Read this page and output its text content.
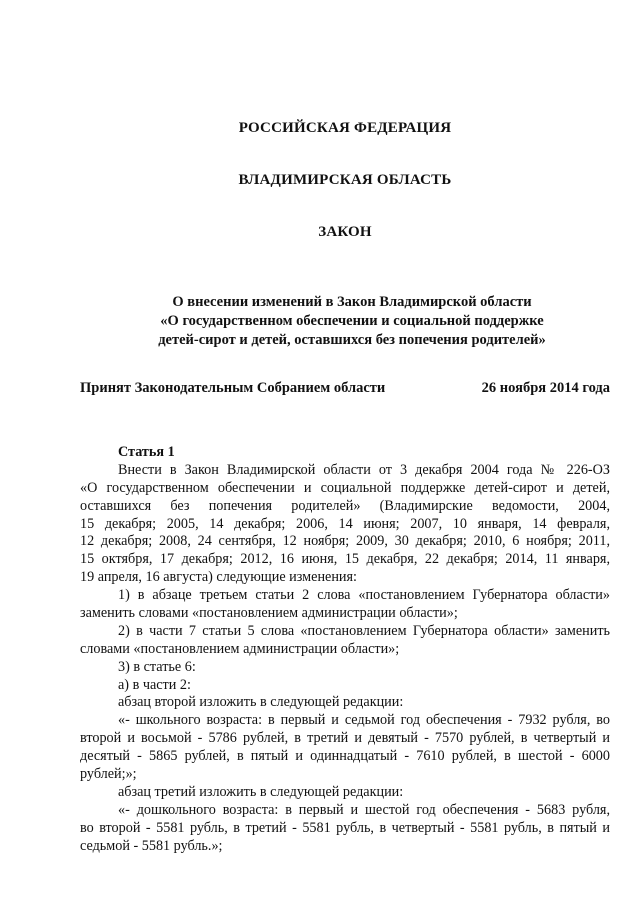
РОССИЙСКАЯ ФЕДЕРАЦИЯ
ВЛАДИМИРСКАЯ ОБЛАСТЬ
ЗАКОН
О внесении изменений в Закон Владимирской области
«О государственном обеспечении и социальной поддержке
детей-сирот и детей, оставшихся без попечения родителей»
Принят Законодательным Собранием области	26 ноября 2014 года
Статья 1
Внести в Закон Владимирской области от 3 декабря 2004 года № 226-ОЗ
«О государственном обеспечении и социальной поддержке детей-сирот и детей,
оставшихся без попечения родителей» (Владимирские ведомости, 2004,
15 декабря; 2005, 14 декабря; 2006, 14 июня; 2007, 10 января, 14 февраля,
12 декабря; 2008, 24 сентября, 12 ноября; 2009, 30 декабря; 2010, 6 ноября; 2011,
15 октября, 17 декабря; 2012, 16 июня, 15 декабря, 22 декабря; 2014, 11 января,
19 апреля, 16 августа) следующие изменения:
1) в абзаце третьем статьи 2 слова «постановлением Губернатора области»
заменить словами «постановлением администрации области»;
2) в части 7 статьи 5 слова «постановлением Губернатора области» заменить
словами «постановлением администрации области»;
3) в статье 6:
а) в части 2:
абзац второй изложить в следующей редакции:
«- школьного возраста: в первый и седьмой год обеспечения - 7932 рубля, во
второй и восьмой - 5786 рублей, в третий и девятый - 7570 рублей, в четвертый и
десятый - 5865 рублей, в пятый и одиннадцатый - 7610 рублей, в шестой - 6000
рублей;»;
абзац третий изложить в следующей редакции:
«- дошкольного возраста: в первый и шестой год обеспечения - 5683 рубля,
во второй - 5581 рубль, в третий - 5581 рубль, в четвертый - 5581 рубль, в пятый и
седьмой - 5581 рубль.»;
